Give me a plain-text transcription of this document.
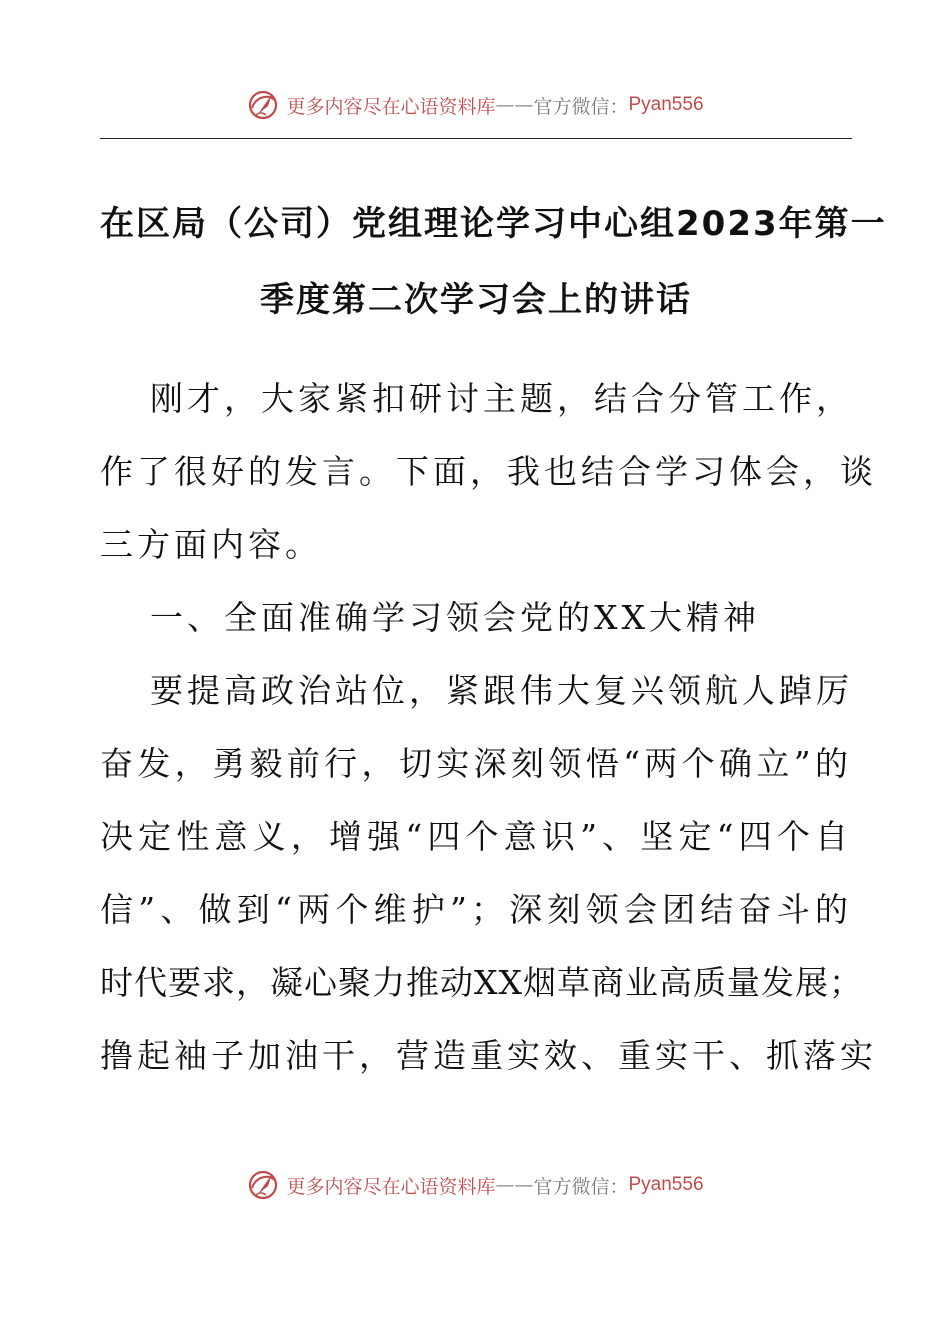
更多内容尽在心语资料库 —— 官方微信： Pyan556
在区局（公司）党组理论学习中心组2023年第一
季度第二次学习会上的讲话
刚才，大家紧扣研讨主题，结合分管工作，
作了很好的发言。下面，我也结合学习体会，谈
三方面内容。
一、全面准确学习领会党的XX大精神
要提高政治站位，紧跟伟大复兴领航人踔厉
奋发，勇毅前行，切实深刻领悟“两个确立”的
决定性意义，增强“四个意识”、坚定“四个自
信”、做到“两个维护”；深刻领会团结奋斗的
时代要求，凝心聚力推动XX烟草商业高质量发展；
撸起袖子加油干，营造重实效、重实干、抓落实
更多内容尽在心语资料库 —— 官方微信： Pyan556
